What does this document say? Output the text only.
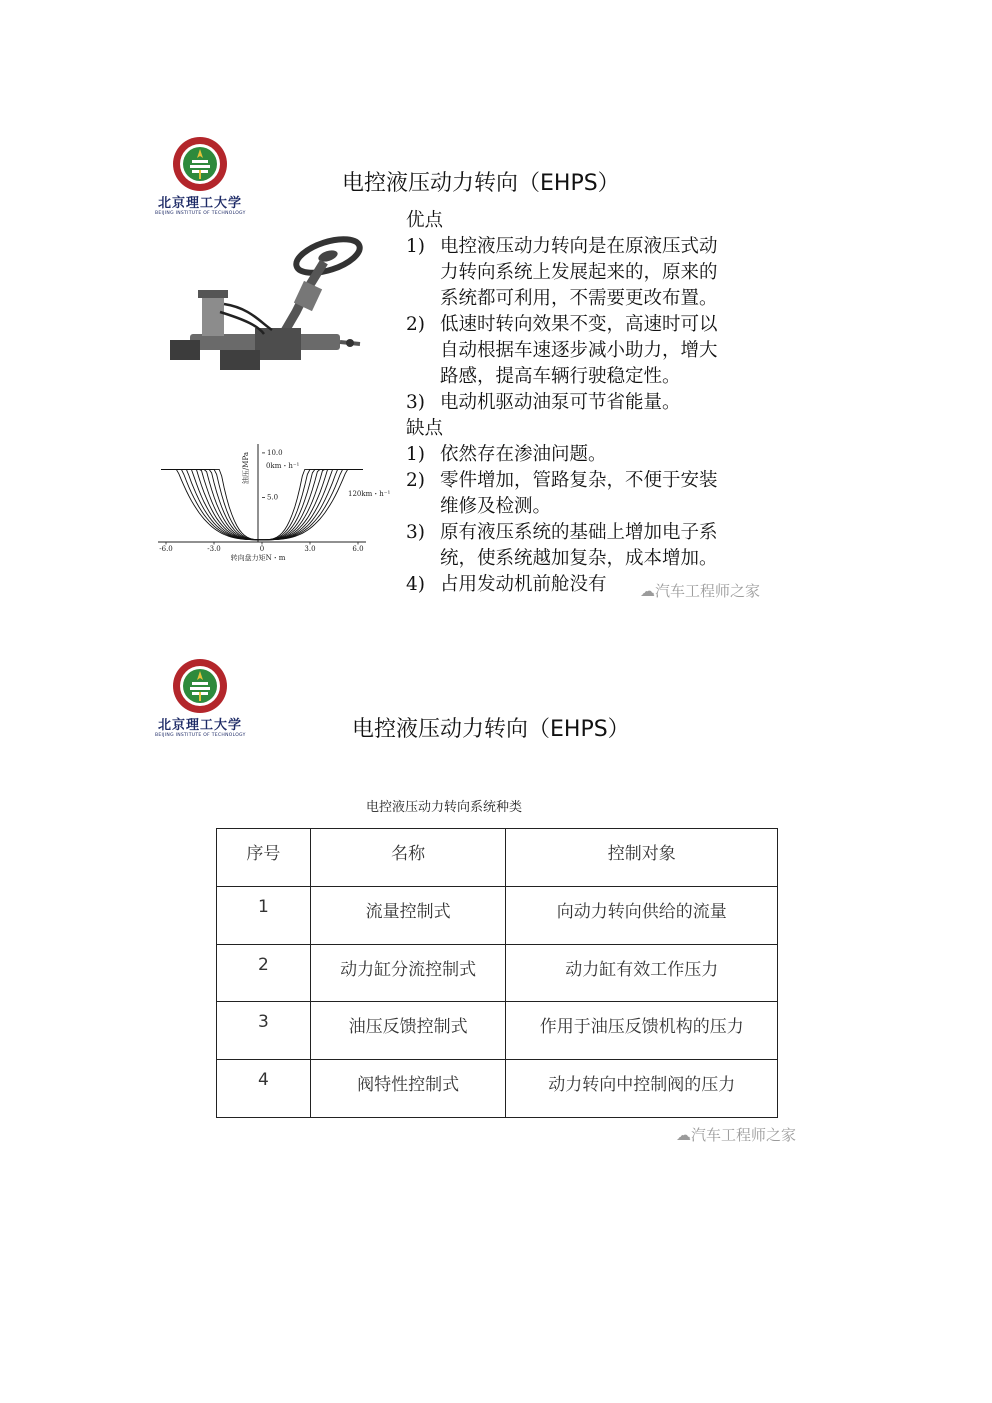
北京理工大学
BEIJING INSTITUTE OF TECHNOLOGY
电控液压动力转向（EHPS）
-6.0	-3.0	0	3.0	6.0
5.0
10.0
油压/MPa
转向盘力矩N・m
0km・h⁻¹
120km・h⁻¹
优点
1) 电控液压动力转向是在原液压式动
力转向系统上发展起来的，原来的
系统都可利用，不需要更改布置。
2) 低速时转向效果不变，高速时可以
自动根据车速逐步减小助力，增大
路感，提高车辆行驶稳定性。
3) 电动机驱动油泵可节省能量。
缺点
1) 依然存在渗油问题。
2) 零件增加，管路复杂，不便于安装
维修及检测。
3) 原有液压系统的基础上增加电子系
统，使系统越加复杂，成本增加。
4) 占用发动机前舱没有 ☁汽车工程师之家
北京理工大学
BEIJING INSTITUTE OF TECHNOLOGY	电控液压动力转向（EHPS）
电控液压动力转向系统种类
序号	名称	控制对象
1	流量控制式	向动力转向供给的流量
2	动力缸分流控制式	动力缸有效工作压力
3	油压反馈控制式	作用于油压反馈机构的压力
4	阀特性控制式	动力转向中控制阀的压力
☁汽车工程师之家
